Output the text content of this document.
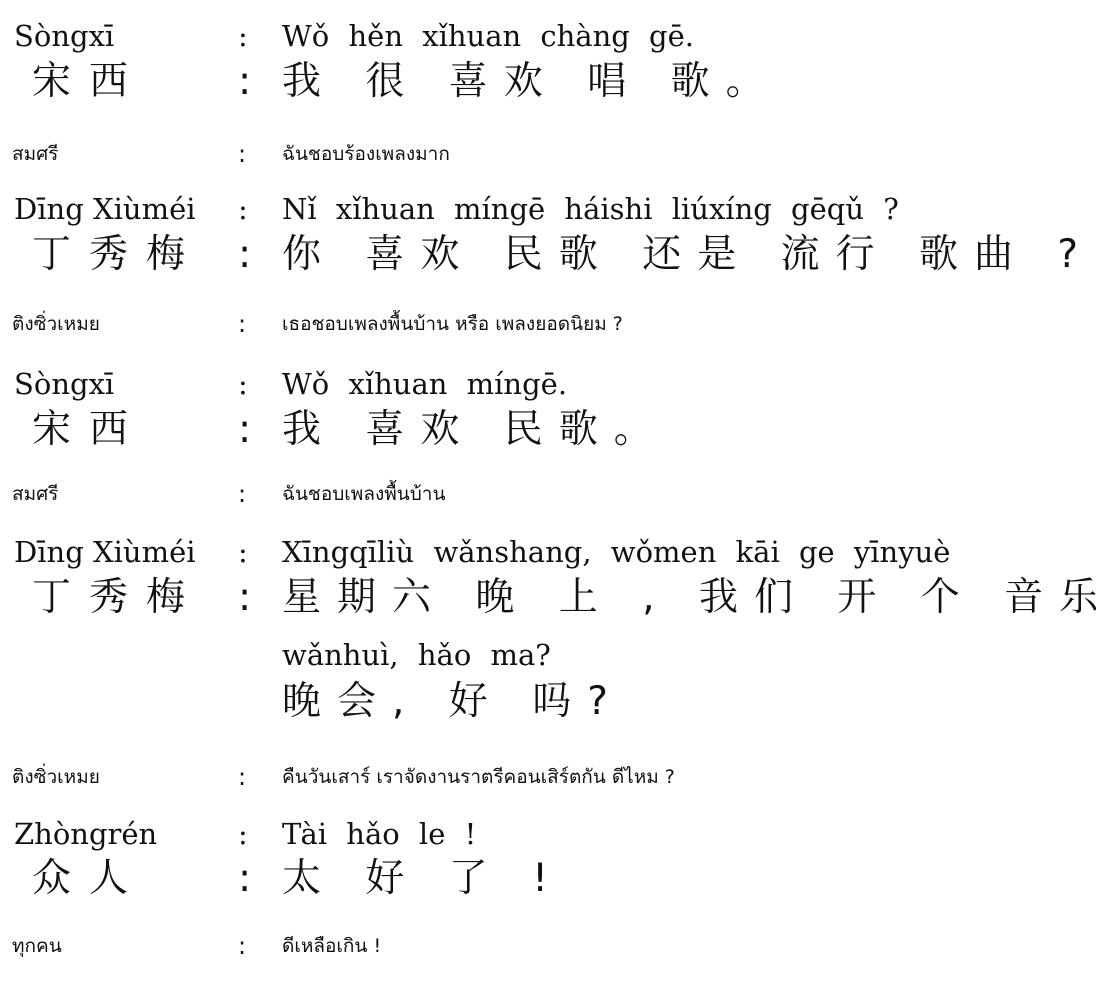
Sòngxī	: Wǒ hěn xǐhuan chàng gē.
宋西 : 我 很 喜欢 唱 歌。
สมศรี	: ฉันชอบร้องเพลงมาก
Dīng Xiùméi : Nǐ xǐhuan míngē háishi liúxíng gēqǔ ?
丁秀梅 : 你 喜欢 民歌 还是 流行 歌曲 ?
ติงซิ่วเหมย	: เธอชอบเพลงพื้นบ้าน หรือ เพลงยอดนิยม ?
Sòngxī	: Wǒ xǐhuan míngē.
宋西 : 我 喜欢 民歌。
สมศรี	: ฉันชอบเพลงพื้นบ้าน
Dīng Xiùméi : Xīngqīliù wǎnshang, wǒmen kāi ge yīnyuè
丁秀梅 : 星期六 晚 上 , 我们 开 个 音乐
wǎnhuì, hǎo ma?
晚会, 好 吗?
ติงซิ่วเหมย	: คืนวันเสาร์ เราจัดงานราตรีคอนเสิร์ตกัน ดีไหม ?
Zhòngrén	: Tài hǎo le !
众人 : 太 好 了 !
ทุกคน	: ดีเหลือเกิน !
